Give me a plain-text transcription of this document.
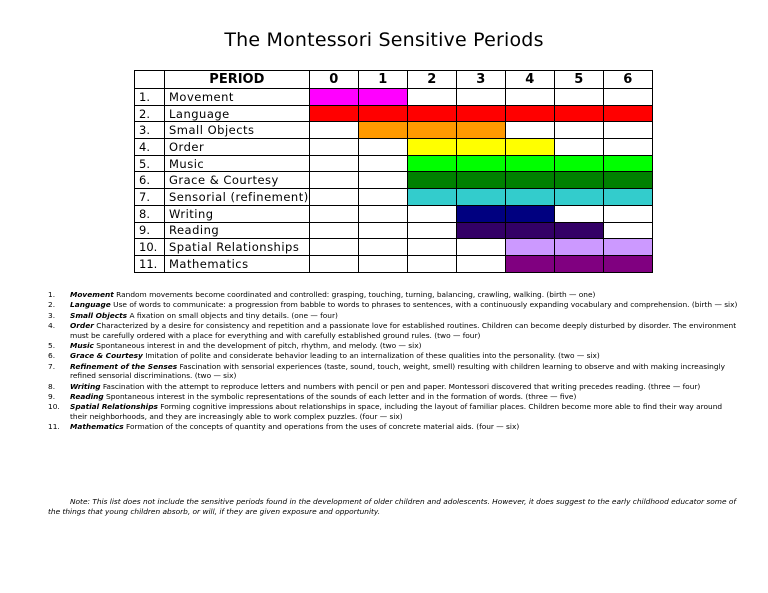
The Montessori Sensitive Periods
	PERIOD	0	1	2	3	4	5	6
1.	Movement							
2.	Language							
3.	Small Objects							
4.	Order							
5.	Music							
6.	Grace & Courtesy							
7.	Sensorial (refinement)							
8.	Writing							
9.	Reading							
10.	Spatial Relationships							
11.	Mathematics							
1. Movement Random movements become coordinated and controlled: grasping, touching, turning, balancing, crawling, walking. (birth — one)
2. Language Use of words to communicate: a progression from babble to words to phrases to sentences, with a continuously expanding vocabulary and comprehension. (birth — six)
3. Small Objects A fixation on small objects and tiny details. (one — four)
4. Order Characterized by a desire for consistency and repetition and a passionate love for established routines. Children can become deeply disturbed by disorder. The environment must be carefully ordered with a place for everything and with carefully established ground rules. (two — four)
5. Music Spontaneous interest in and the development of pitch, rhythm, and melody. (two — six)
6. Grace & Courtesy Imitation of polite and considerate behavior leading to an internalization of these qualities into the personality. (two — six)
7. Refinement of the Senses Fascination with sensorial experiences (taste, sound, touch, weight, smell) resulting with children learning to observe and with making increasingly refined sensorial discriminations. (two — six)
8. Writing Fascination with the attempt to reproduce letters and numbers with pencil or pen and paper. Montessori discovered that writing precedes reading. (three — four)
9. Reading Spontaneous interest in the symbolic representations of the sounds of each letter and in the formation of words. (three — five)
10. Spatial Relationships Forming cognitive impressions about relationships in space, including the layout of familiar places. Children become more able to find their way around their neighborhoods, and they are increasingly able to work complex puzzles. (four — six)
11. Mathematics Formation of the concepts of quantity and operations from the uses of concrete material aids. (four — six)

Note: This list does not include the sensitive periods found in the development of older children and adolescents. However, it does suggest to the early childhood educator some of the things that young children absorb, or will, if they are given exposure and opportunity.
